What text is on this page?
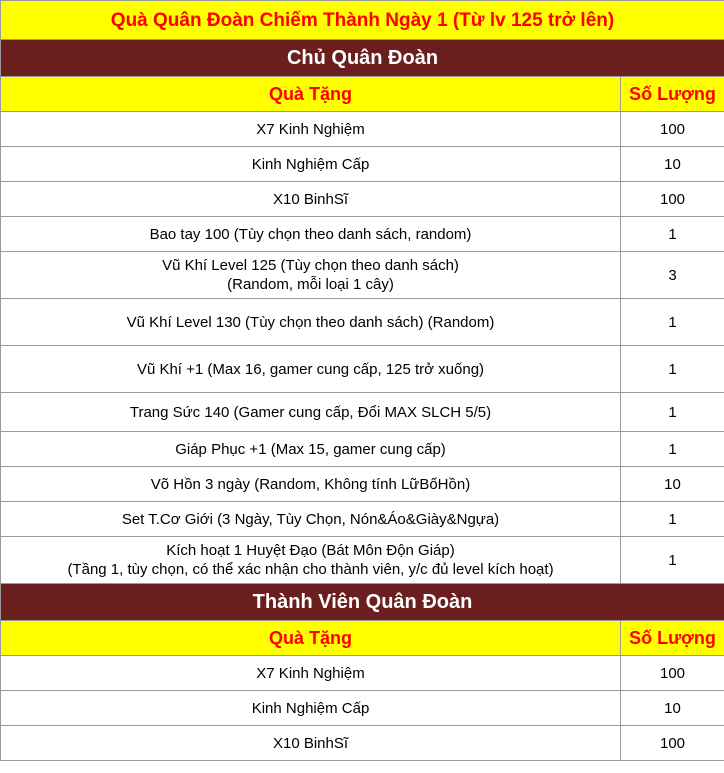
Quà Quân Đoàn Chiếm Thành Ngày 1 (Từ lv 125 trở lên)	
Chủ Quân Đoàn	
Quà Tặng	Số Lượng
X7 Kinh Nghiệm	100
Kinh Nghiệm Cấp	10
X10 BinhSĩ	100
Bao tay 100 (Tùy chọn theo danh sách, random)	1

Vũ Khí Level 125 (Tùy chọn theo danh sách)
(Random, mỗi loại 1 cây)	3
Vũ Khí Level 130 (Tùy chọn theo danh sách) (Random)	1
Vũ Khí +1 (Max 16, gamer cung cấp, 125 trở xuống)	1
Trang Sức 140 (Gamer cung cấp, Đổi MAX SLCH 5/5)	1
Giáp Phục +1 (Max 15, gamer cung cấp)	1
Võ Hồn 3 ngày (Random, Không tính LữBốHồn)	10
Set T.Cơ Giới (3 Ngày, Tùy Chọn, Nón&Áo&Giày&Ngựa)	1

Kích hoạt 1 Huyệt Đạo (Bát Môn Độn Giáp)
(Tầng 1, tùy chọn, có thể xác nhận cho thành viên, y/c đủ level kích hoạt)	1
Thành Viên Quân Đoàn	
Quà Tặng	Số Lượng
X7 Kinh Nghiệm	100
Kinh Nghiệm Cấp	10
X10 BinhSĩ	100
